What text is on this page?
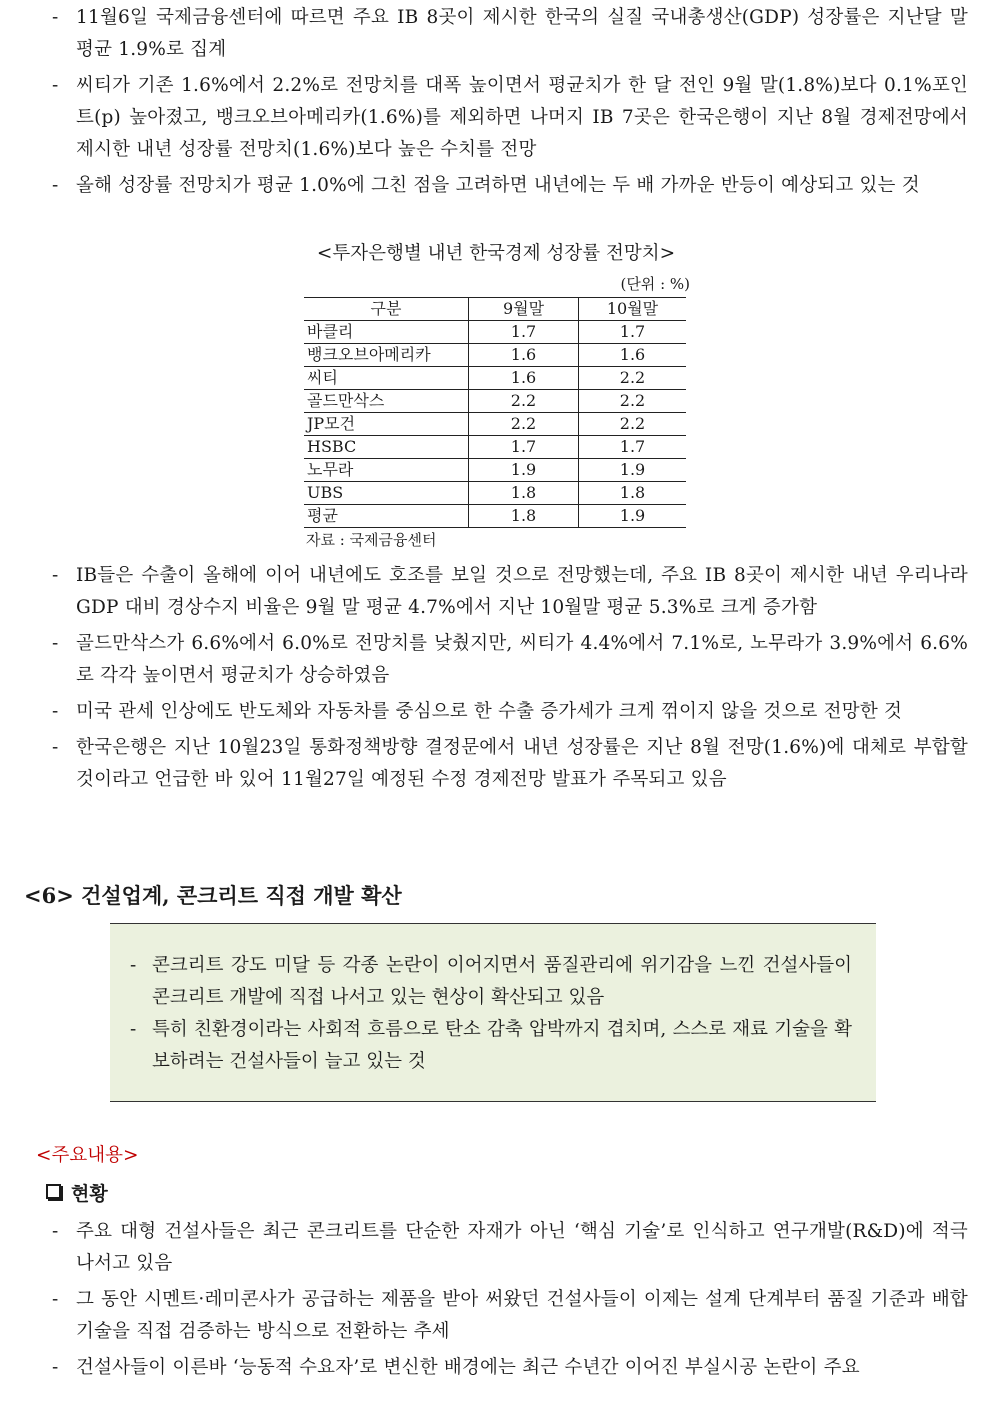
- 11월6일 국제금융센터에 따르면 주요 IB 8곳이 제시한 한국의 실질 국내총생산(GDP) 성장률은 지난달 말 평균 1.9%로 집계
- 씨티가 기존 1.6%에서 2.2%로 전망치를 대폭 높이면서 평균치가 한 달 전인 9월 말(1.8%)보다 0.1%포인트(p) 높아졌고, 뱅크오브아메리카(1.6%)를 제외하면 나머지 IB 7곳은 한국은행이 지난 8월 경제전망에서 제시한 내년 성장률 전망치(1.6%)보다 높은 수치를 전망
- 올해 성장률 전망치가 평균 1.0%에 그친 점을 고려하면 내년에는 두 배 가까운 반등이 예상되고 있는 것
<투자은행별 내년 한국경제 성장률 전망치>
(단위 : %)
구분	9월말	10월말
바클리	1.7	1.7
뱅크오브아메리카	1.6	1.6
씨티	1.6	2.2
골드만삭스	2.2	2.2
JP모건	2.2	2.2
HSBC	1.7	1.7
노무라	1.9	1.9
UBS	1.8	1.8
평균	1.8	1.9
자료 : 국제금융센터
- IB들은 수출이 올해에 이어 내년에도 호조를 보일 것으로 전망했는데, 주요 IB 8곳이 제시한 내년 우리나라 GDP 대비 경상수지 비율은 9월 말 평균 4.7%에서 지난 10월말 평균 5.3%로 크게 증가함
- 골드만삭스가 6.6%에서 6.0%로 전망치를 낮췄지만, 씨티가 4.4%에서 7.1%로, 노무라가 3.9%에서 6.6%로 각각 높이면서 평균치가 상승하였음
- 미국 관세 인상에도 반도체와 자동차를 중심으로 한 수출 증가세가 크게 꺾이지 않을 것으로 전망한 것
- 한국은행은 지난 10월23일 통화정책방향 결정문에서 내년 성장률은 지난 8월 전망(1.6%)에 대체로 부합할 것이라고 언급한 바 있어 11월27일 예정된 수정 경제전망 발표가 주목되고 있음
<6> 건설업계, 콘크리트 직접 개발 확산
- 콘크리트 강도 미달 등 각종 논란이 이어지면서 품질관리에 위기감을 느낀 건설사들이 콘크리트 개발에 직접 나서고 있는 현상이 확산되고 있음
- 특히 친환경이라는 사회적 흐름으로 탄소 감축 압박까지 겹치며, 스스로 재료 기술을 확보하려는 건설사들이 늘고 있는 것
<주요내용>
현황
- 주요 대형 건설사들은 최근 콘크리트를 단순한 자재가 아닌 ‘핵심 기술’로 인식하고 연구개발(R&D)에 적극 나서고 있음
- 그 동안 시멘트·레미콘사가 공급하는 제품을 받아 써왔던 건설사들이 이제는 설계 단계부터 품질 기준과 배합 기술을 직접 검증하는 방식으로 전환하는 추세
- 건설사들이 이른바 ‘능동적 수요자’로 변신한 배경에는 최근 수년간 이어진 부실시공 논란이 주요
